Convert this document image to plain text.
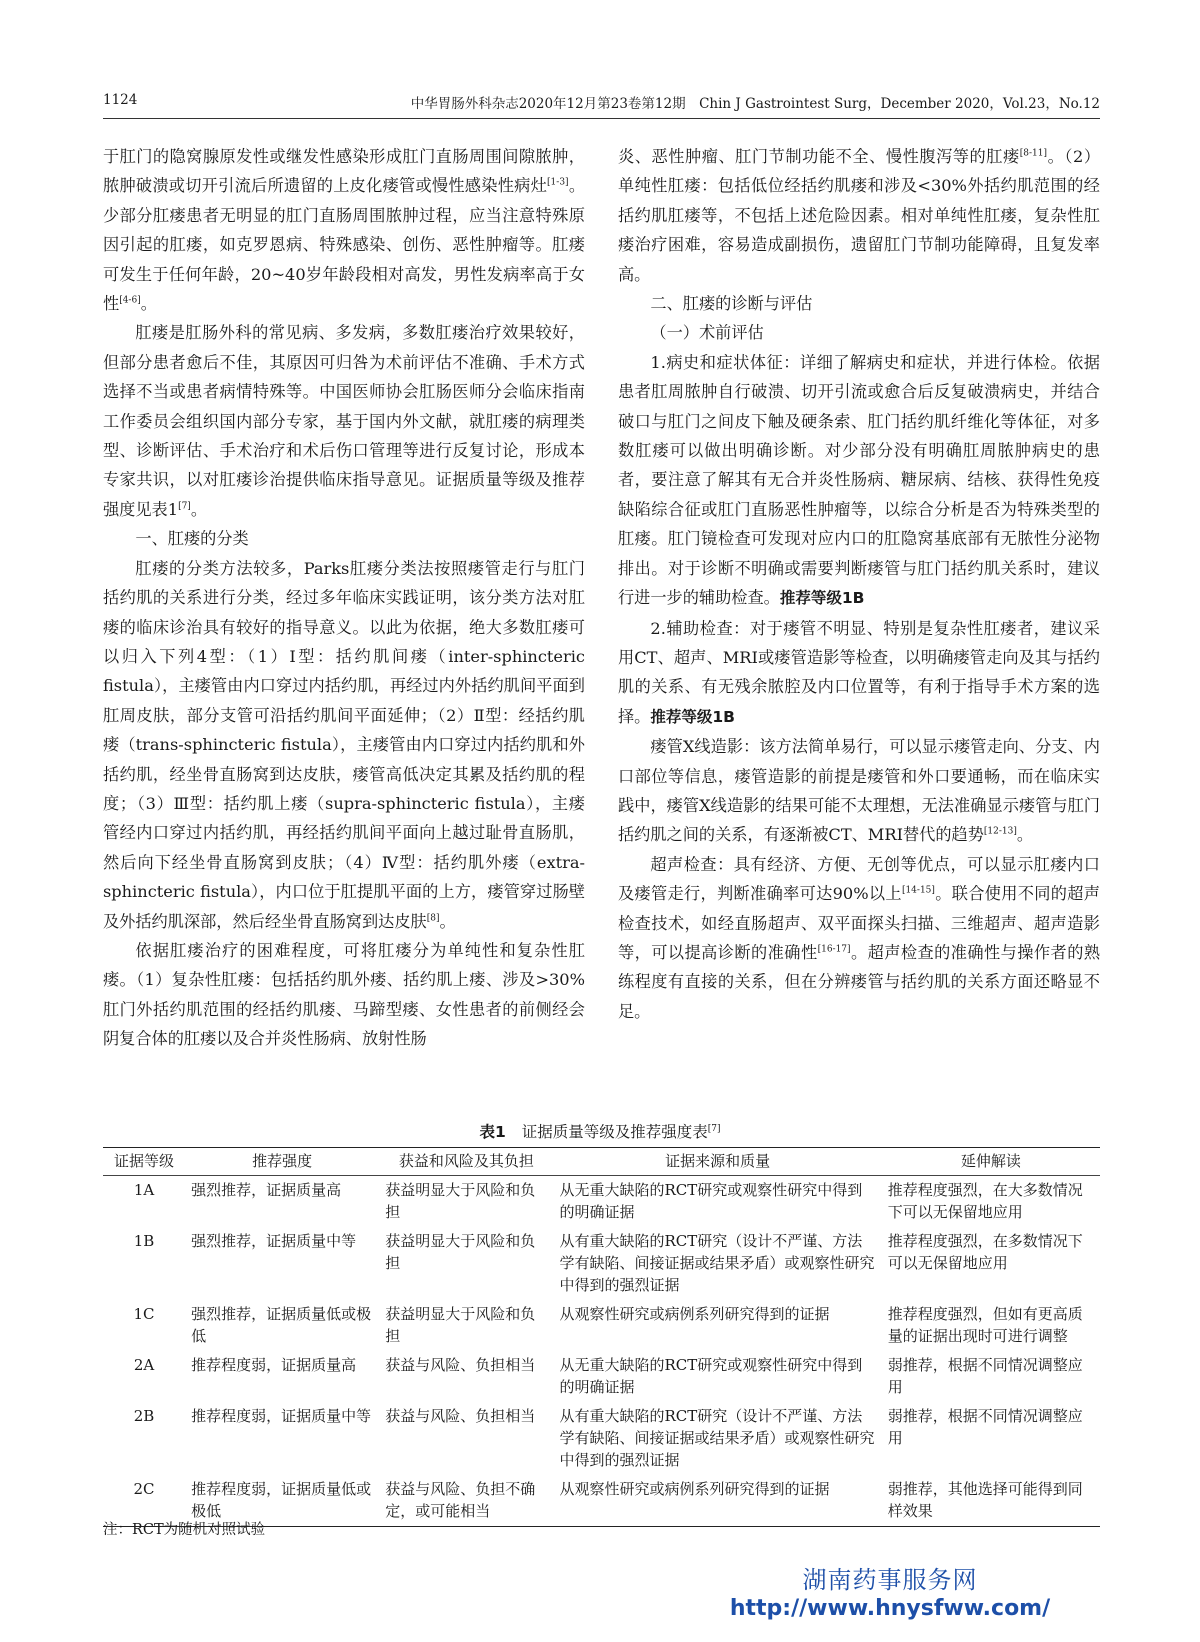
1124	中华胃肠外科杂志2020年12月第23卷第12期　Chin J Gastrointest Surg，December 2020，Vol.23，No.12

于肛门的隐窝腺原发性或继发性感染形成肛门直肠周围间隙脓肿，脓肿破溃或切开引流后所遗留的上皮化瘘管或慢性感染性病灶[1-3]。少部分肛瘘患者无明显的肛门直肠周围脓肿过程，应当注意特殊原因引起的肛瘘，如克罗恩病、特殊感染、创伤、恶性肿瘤等。肛瘘可发生于任何年龄，20~40岁年龄段相对高发，男性发病率高于女性[4-6]。

肛瘘是肛肠外科的常见病、多发病，多数肛瘘治疗效果较好，但部分患者愈后不佳，其原因可归咎为术前评估不准确、手术方式选择不当或患者病情特殊等。中国医师协会肛肠医师分会临床指南工作委员会组织国内部分专家，基于国内外文献，就肛瘘的病理类型、诊断评估、手术治疗和术后伤口管理等进行反复讨论，形成本专家共识，以对肛瘘诊治提供临床指导意见。证据质量等级及推荐强度见表1[7]。

一、肛瘘的分类

肛瘘的分类方法较多，Parks肛瘘分类法按照瘘管走行与肛门括约肌的关系进行分类，经过多年临床实践证明，该分类方法对肛瘘的临床诊治具有较好的指导意义。以此为依据，绝大多数肛瘘可以归入下列4型：（1）Ⅰ型：括约肌间瘘（inter-sphincteric fistula），主瘘管由内口穿过内括约肌，再经过内外括约肌间平面到肛周皮肤，部分支管可沿括约肌间平面延伸；（2）Ⅱ型：经括约肌瘘（trans-sphincteric fistula），主瘘管由内口穿过内括约肌和外括约肌，经坐骨直肠窝到达皮肤，瘘管高低决定其累及括约肌的程度；（3）Ⅲ型：括约肌上瘘（supra-sphincteric fistula），主瘘管经内口穿过内括约肌，再经括约肌间平面向上越过耻骨直肠肌，然后向下经坐骨直肠窝到皮肤；（4）Ⅳ型：括约肌外瘘（extra-sphincteric fistula），内口位于肛提肌平面的上方，瘘管穿过肠壁及外括约肌深部，然后经坐骨直肠窝到达皮肤[8]。

依据肛瘘治疗的困难程度，可将肛瘘分为单纯性和复杂性肛瘘。（1）复杂性肛瘘：包括括约肌外瘘、括约肌上瘘、涉及>30%肛门外括约肌范围的经括约肌瘘、马蹄型瘘、女性患者的前侧经会阴复合体的肛瘘以及合并炎性肠病、放射性肠

炎、恶性肿瘤、肛门节制功能不全、慢性腹泻等的肛瘘[8-11]。（2）单纯性肛瘘：包括低位经括约肌瘘和涉及<30%外括约肌范围的经括约肌肛瘘等，不包括上述危险因素。相对单纯性肛瘘，复杂性肛瘘治疗困难，容易造成副损伤，遗留肛门节制功能障碍，且复发率高。

二、肛瘘的诊断与评估

（一）术前评估

1.病史和症状体征：详细了解病史和症状，并进行体检。依据患者肛周脓肿自行破溃、切开引流或愈合后反复破溃病史，并结合破口与肛门之间皮下触及硬条索、肛门括约肌纤维化等体征，对多数肛瘘可以做出明确诊断。对少部分没有明确肛周脓肿病史的患者，要注意了解其有无合并炎性肠病、糖尿病、结核、获得性免疫缺陷综合征或肛门直肠恶性肿瘤等，以综合分析是否为特殊类型的肛瘘。肛门镜检查可发现对应内口的肛隐窝基底部有无脓性分泌物排出。对于诊断不明确或需要判断瘘管与肛门括约肌关系时，建议行进一步的辅助检查。推荐等级1B

2.辅助检查：对于瘘管不明显、特别是复杂性肛瘘者，建议采用CT、超声、MRI或瘘管造影等检查，以明确瘘管走向及其与括约肌的关系、有无残余脓腔及内口位置等，有利于指导手术方案的选择。推荐等级1B

瘘管X线造影：该方法简单易行，可以显示瘘管走向、分支、内口部位等信息，瘘管造影的前提是瘘管和外口要通畅，而在临床实践中，瘘管X线造影的结果可能不太理想，无法准确显示瘘管与肛门括约肌之间的关系，有逐渐被CT、MRI替代的趋势[12-13]。

超声检查：具有经济、方便、无创等优点，可以显示肛瘘内口及瘘管走行，判断准确率可达90%以上[14-15]。联合使用不同的超声检查技术，如经直肠超声、双平面探头扫描、三维超声、超声造影等，可以提高诊断的准确性[16-17]。超声检查的准确性与操作者的熟练程度有直接的关系，但在分辨瘘管与括约肌的关系方面还略显不足。

表1 证据质量等级及推荐强度表[7]
证据等级	推荐强度	获益和风险及其负担	证据来源和质量	延伸解读
1A	强烈推荐，证据质量高	获益明显大于风险和负担	从无重大缺陷的RCT研究或观察性研究中得到的明确证据	推荐程度强烈，在大多数情况下可以无保留地应用
1B	强烈推荐，证据质量中等	获益明显大于风险和负担	从有重大缺陷的RCT研究（设计不严谨、方法学有缺陷、间接证据或结果矛盾）或观察性研究中得到的强烈证据	推荐程度强烈，在多数情况下可以无保留地应用
1C	强烈推荐，证据质量低或极低	获益明显大于风险和负担	从观察性研究或病例系列研究得到的证据	推荐程度强烈，但如有更高质量的证据出现时可进行调整
2A	推荐程度弱，证据质量高	获益与风险、负担相当	从无重大缺陷的RCT研究或观察性研究中得到的明确证据	弱推荐，根据不同情况调整应用
2B	推荐程度弱，证据质量中等	获益与风险、负担相当	从有重大缺陷的RCT研究（设计不严谨、方法学有缺陷、间接证据或结果矛盾）或观察性研究中得到的强烈证据	弱推荐，根据不同情况调整应用
2C	推荐程度弱，证据质量低或极低	获益与风险、负担不确定，或可能相当	从观察性研究或病例系列研究得到的证据	弱推荐，其他选择可能得到同样效果
注：RCT为随机对照试验
湖南药事服务网
http://www.hnysfww.com/
